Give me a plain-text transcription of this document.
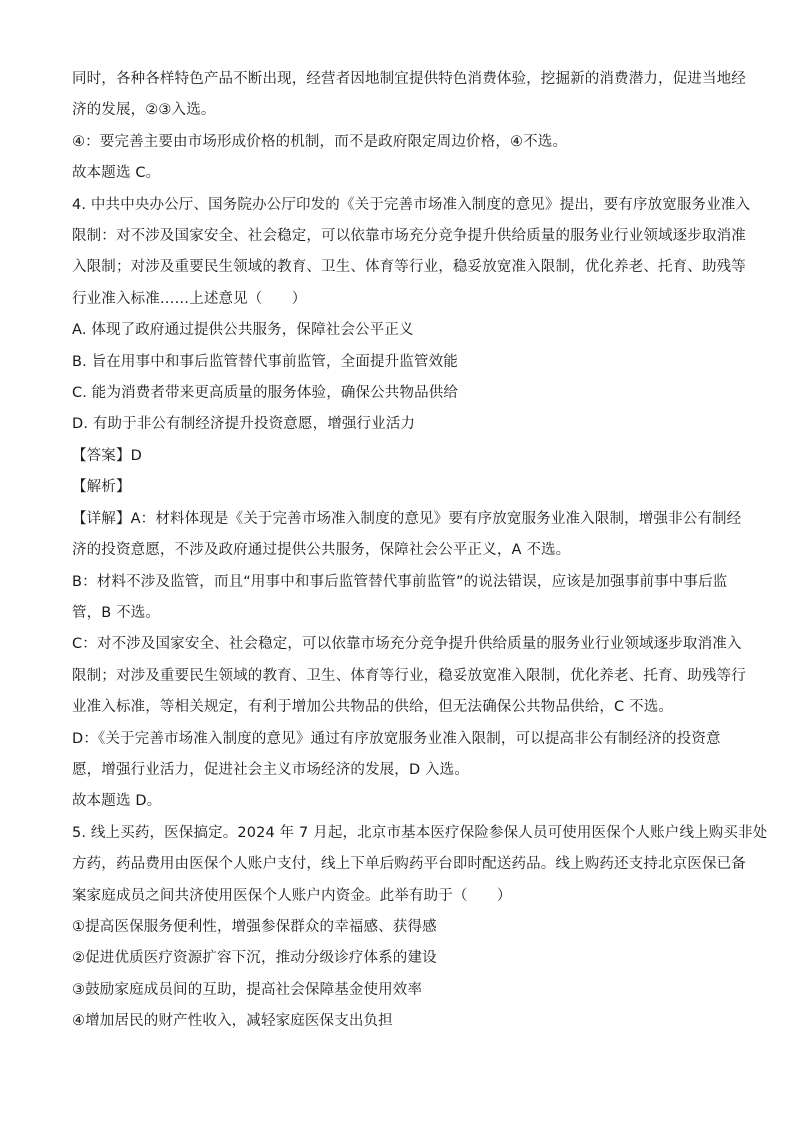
同时，各种各样特色产品不断出现，经营者因地制宜提供特色消费体验，挖掘新的消费潜力，促进当地经
济的发展，②③入选。
④：要完善主要由市场形成价格的机制，而不是政府限定周边价格，④不选。
故本题选 C。
4. 中共中央办公厅、国务院办公厅印发的《关于完善市场准入制度的意见》提出，要有序放宽服务业准入
限制：对不涉及国家安全、社会稳定，可以依靠市场充分竞争提升供给质量的服务业行业领域逐步取消准
入限制；对涉及重要民生领域的教育、卫生、体育等行业，稳妥放宽准入限制，优化养老、托育、助残等
行业准入标准……上述意见（　　）
A. 体现了政府通过提供公共服务，保障社会公平正义
B. 旨在用事中和事后监管替代事前监管，全面提升监管效能
C. 能为消费者带来更高质量的服务体验，确保公共物品供给
D. 有助于非公有制经济提升投资意愿，增强行业活力
【答案】D
【解析】
【详解】A：材料体现是《关于完善市场准入制度的意见》要有序放宽服务业准入限制，增强非公有制经
济的投资意愿，不涉及政府通过提供公共服务，保障社会公平正义，A 不选。
B：材料不涉及监管，而且“用事中和事后监管替代事前监管”的说法错误，应该是加强事前事中事后监
管，B 不选。
C：对不涉及国家安全、社会稳定，可以依靠市场充分竞争提升供给质量的服务业行业领域逐步取消准入
限制；对涉及重要民生领域的教育、卫生、体育等行业，稳妥放宽准入限制，优化养老、托育、助残等行
业准入标准，等相关规定，有利于增加公共物品的供给，但无法确保公共物品供给，C 不选。
D：《关于完善市场准入制度的意见》通过有序放宽服务业准入限制，可以提高非公有制经济的投资意
愿，增强行业活力，促进社会主义市场经济的发展，D 入选。
故本题选 D。
5. 线上买药，医保搞定。2024 年 7 月起，北京市基本医疗保险参保人员可使用医保个人账户线上购买非处
方药，药品费用由医保个人账户支付，线上下单后购药平台即时配送药品。线上购药还支持北京医保已备
案家庭成员之间共济使用医保个人账户内资金。此举有助于（　　）
①提高医保服务便利性，增强参保群众的幸福感、获得感
②促进优质医疗资源扩容下沉，推动分级诊疗体系的建设
③鼓励家庭成员间的互助，提高社会保障基金使用效率
④增加居民的财产性收入，减轻家庭医保支出负担
